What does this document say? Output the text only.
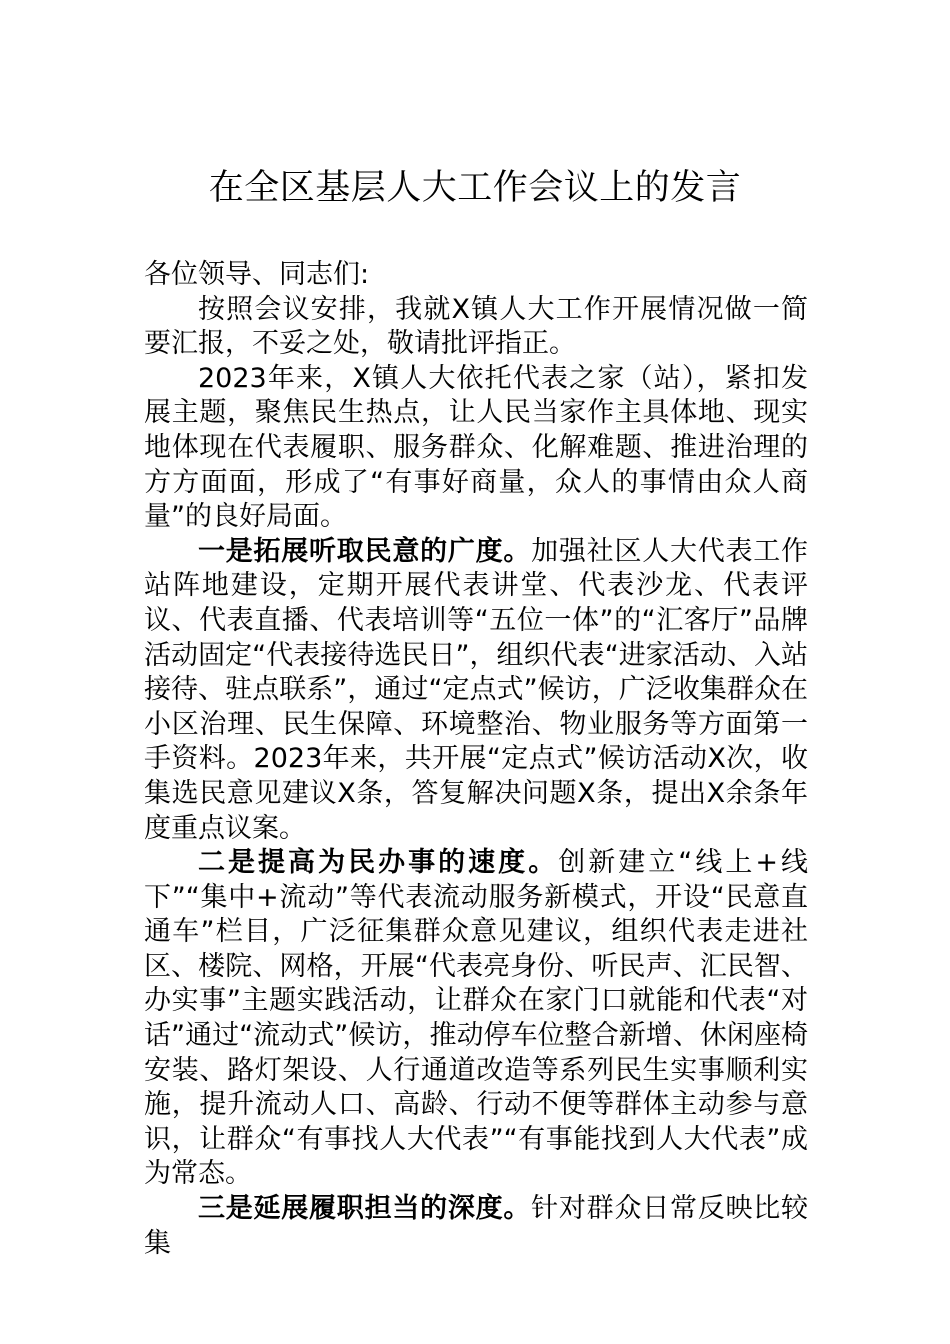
在全区基层人大工作会议上的发言

各位领导、同志们:

按照会议安排，我就X镇人大工作开展情况做一简要汇报，不妥之处，敬请批评指正。

2023年来，X镇人大依托代表之家（站），紧扣发展主题，聚焦民生热点，让人民当家作主具体地、现实地体现在代表履职、服务群众、化解难题、推进治理的方方面面，形成了“有事好商量，众人的事情由众人商量”的良好局面。

一是拓展听取民意的广度。加强社区人大代表工作站阵地建设，定期开展代表讲堂、代表沙龙、代表评议、代表直播、代表培训等“五位一体”的“汇客厅”品牌活动固定“代表接待选民日”，组织代表“进家活动、入站接待、驻点联系”，通过“定点式”候访，广泛收集群众在小区治理、民生保障、环境整治、物业服务等方面第一手资料。2023年来，共开展“定点式”候访活动X次，收集选民意见建议X条，答复解决问题X条，提出X余条年度重点议案。

二是提高为民办事的速度。创新建立“线上+线下”“集中+流动”等代表流动服务新模式，开设“民意直通车”栏目，广泛征集群众意见建议，组织代表走进社区、楼院、网格，开展“代表亮身份、听民声、汇民智、办实事”主题实践活动，让群众在家门口就能和代表“对话”通过“流动式”候访，推动停车位整合新增、休闲座椅安装、路灯架设、人行通道改造等系列民生实事顺利实施，提升流动人口、高龄、行动不便等群体主动参与意识，让群众“有事找人大代表”“有事能找到人大代表”成为常态。

三是延展履职担当的深度。针对群众日常反映比较集
